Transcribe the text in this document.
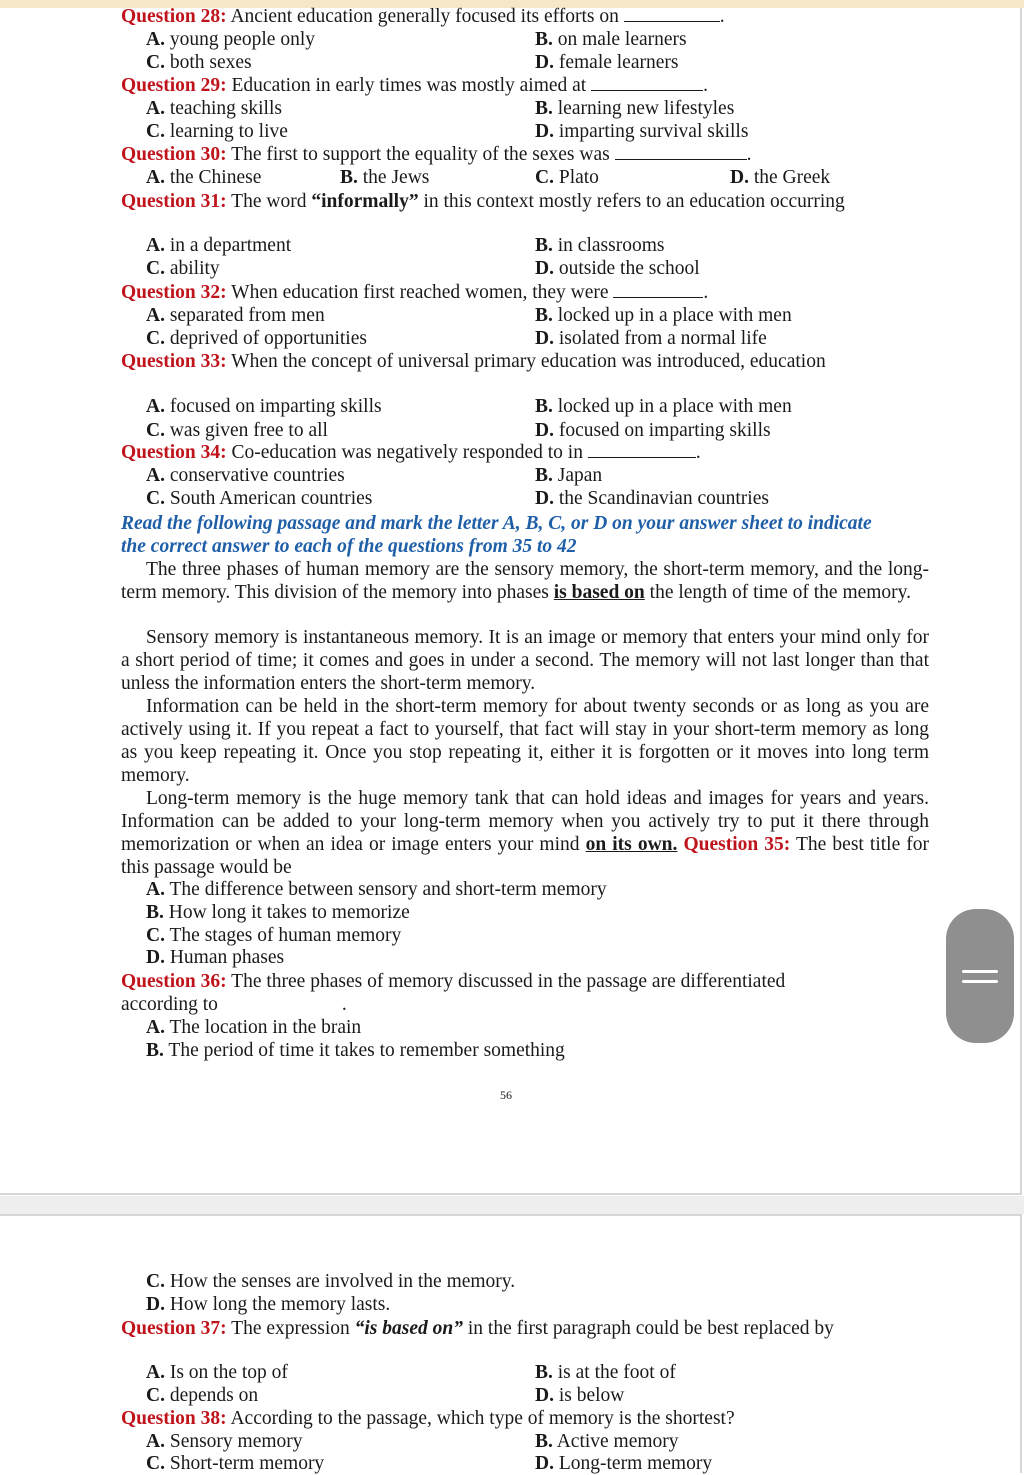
Question 28: Ancient education generally focused its efforts on	.
A. young people only	B. on male learners
C. both sexes	D. female learners
Question 29: Education in early times was mostly aimed at	.
A. teaching skills	B. learning new lifestyles
C. learning to live	D. imparting survival skills
Question 30: The first to support the equality of the sexes was	.
A. the Chinese	B. the Jews	C. Plato	D. the Greek
Question 31: The word “informally” in this context mostly refers to an education occurring
A. in a department	B. in classrooms
C. ability	D. outside the school
Question 32: When education first reached women, they were	.
A. separated from men	B. locked up in a place with men
C. deprived of opportunities	D. isolated from a normal life
Question 33: When the concept of universal primary education was introduced, education
A. focused on imparting skills	B. locked up in a place with men
C. was given free to all	D. focused on imparting skills
Question 34: Co-education was negatively responded to in	.
A. conservative countries	B. Japan
C. South American countries	D. the Scandinavian countries
Read the following passage and mark the letter A, B, C, or D on your answer sheet to indicate
the correct answer to each of the questions from 35 to 42
The three phases of human memory are the sensory memory, the short-term memory, and the long- term memory. This division of the memory into phases is based on the length of time of the memory.
Sensory memory is instantaneous memory. It is an image or memory that enters your mind only for a short period of time; it comes and goes in under a second. The memory will not last longer than that unless the information enters the short-term memory.
Information can be held in the short-term memory for about twenty seconds or as long as you are actively using it. If you repeat a fact to yourself, that fact will stay in your short-term memory as long as you keep repeating it. Once you stop repeating it, either it is forgotten or it moves into long term memory.
Long-term memory is the huge memory tank that can hold ideas and images for years and years. Information can be added to your long-term memory when you actively try to put it there through memorization or when an idea or image enters your mind on its own. Question 35: The best title for this passage would be
A. The difference between sensory and short-term memory
B. How long it takes to memorize
C. The stages of human memory
D. Human phases
Question 36: The three phases of memory discussed in the passage are differentiated
according to	.
A. The location in the brain
B. The period of time it takes to remember something
56
C. How the senses are involved in the memory.
D. How long the memory lasts.
Question 37: The expression “is based on” in the first paragraph could be best replaced by
A. Is on the top of	B. is at the foot of
C. depends on	D. is below
Question 38: According to the passage, which type of memory is the shortest?
A. Sensory memory	B. Active memory
C. Short-term memory	D. Long-term memory
